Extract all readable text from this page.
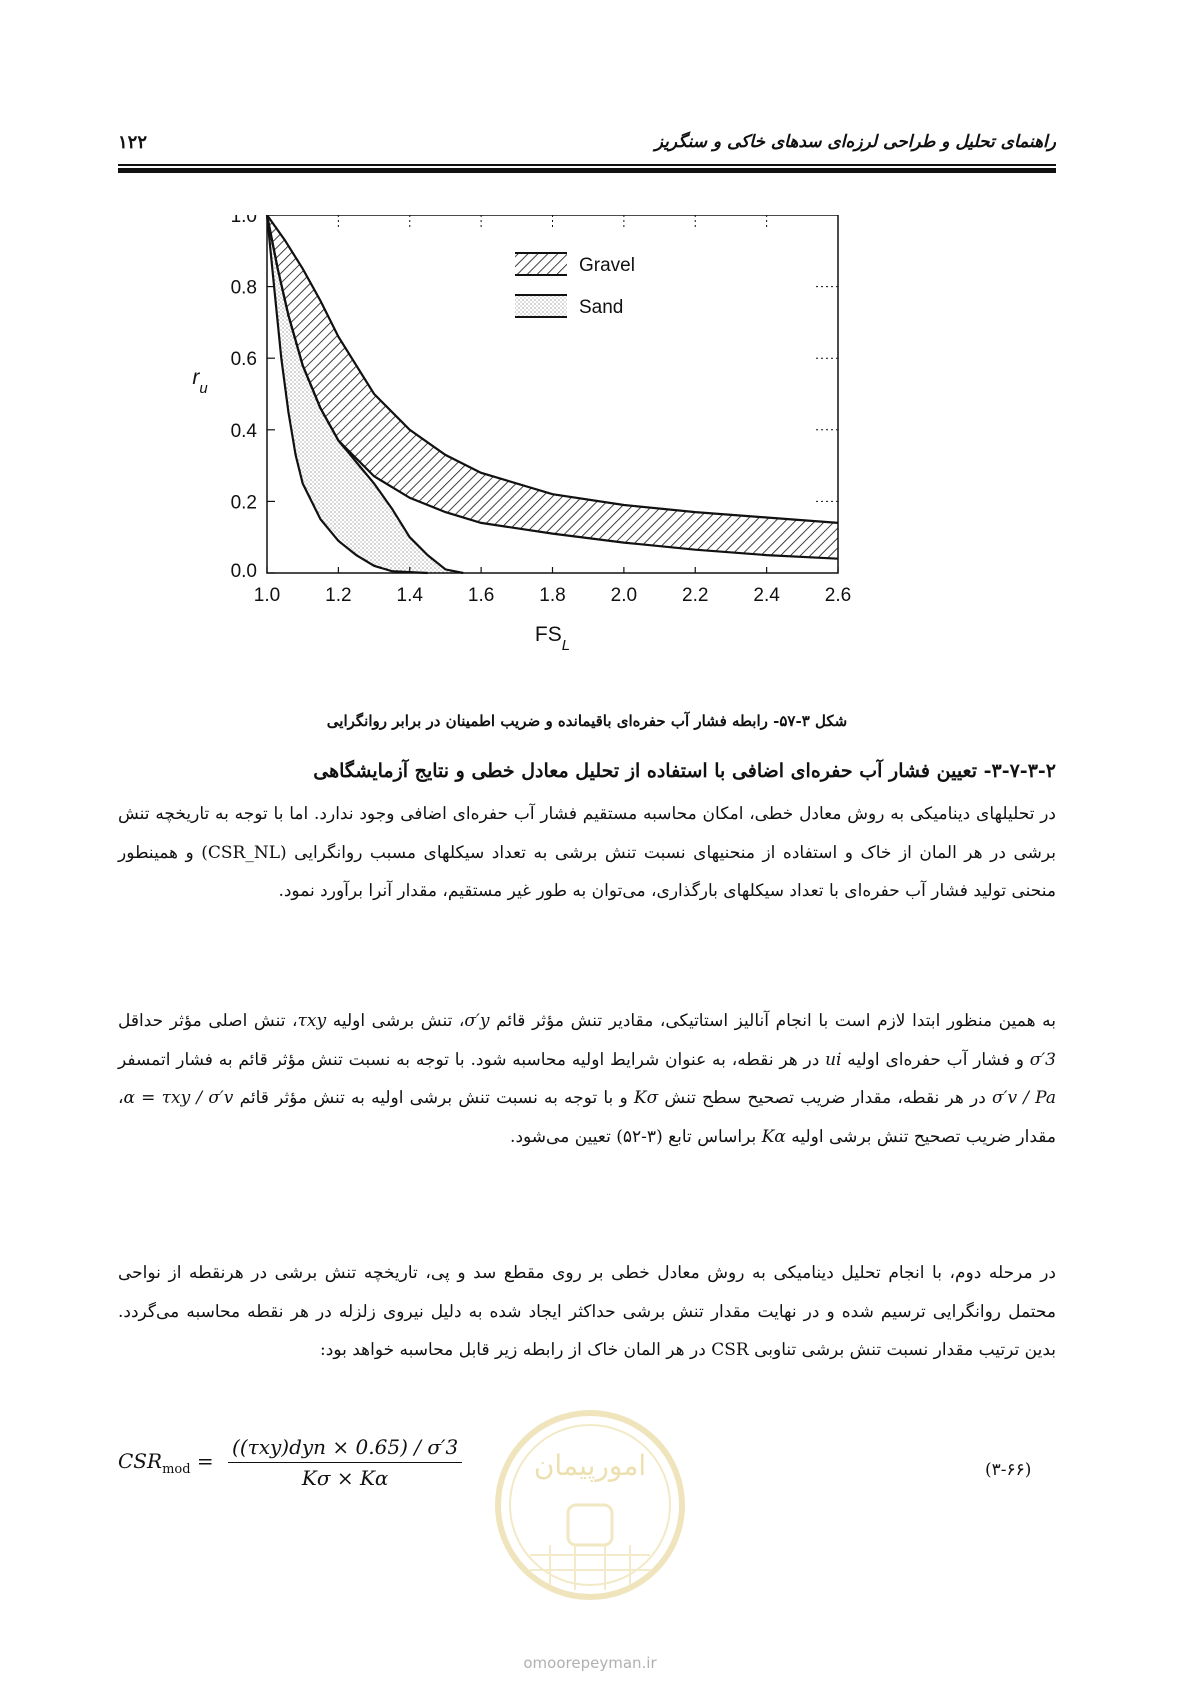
راهنمای تحلیل و طراحی لرزه‌ای سدهای خاکی و سنگریز
۱۲۲
1.0 1.2 1.4 1.6 1.8 2.0 2.2 2.4 2.6
0.0
0.2
0.4
0.6
0.8
1.0
$FS_L$
$r_u$
Gravel
Sand
شکل ۳-۵۷- رابطه فشار آب حفره‌ای باقیمانده و ضریب اطمینان در برابر روانگرایی
۳-۷-۳-۲- تعیین فشار آب حفره‌ای اضافی با استفاده از تحلیل معادل خطی و نتایج آزمایشگاهی
در تحلیلهای دینامیکی به روش معادل خطی، امکان محاسبه مستقیم فشار آب حفره‌ای اضافی وجود ندارد. اما با توجه به تاریخچه تنش برشی در هر المان از خاک و استفاده از منحنیهای نسبت تنش برشی به تعداد سیکلهای مسبب روانگرایی (CSR_NL) و همینطور منحنی تولید فشار آب حفره‌ای با تعداد سیکلهای بارگذاری، می‌توان به طور غیر مستقیم، مقدار آنرا برآورد نمود.
به همین منظور ابتدا لازم است با انجام آنالیز استاتیکی، مقادیر تنش مؤثر قائم σ′y، تنش برشی اولیه τxy، تنش اصلی مؤثر حداقل σ′3 و فشار آب حفره‌ای اولیه ui در هر نقطه، به عنوان شرایط اولیه محاسبه شود. با توجه به نسبت تنش مؤثر قائم به فشار اتمسفر σ′v / Pa در هر نقطه، مقدار ضریب تصحیح سطح تنش Kσ و با توجه به نسبت تنش برشی اولیه به تنش مؤثر قائم α = τxy / σ′v، مقدار ضریب تصحیح تنش برشی اولیه Kα براساس تابع (۳-۵۲) تعیین می‌شود.
در مرحله دوم، با انجام تحلیل دینامیکی به روش معادل خطی بر روی مقطع سد و پی، تاریخچه تنش برشی در هرنقطه از نواحی محتمل روانگرایی ترسیم شده و در نهایت مقدار تنش برشی حداکثر ایجاد شده به دلیل نیروی زلزله در هر نقطه محاسبه می‌گردد. بدین ترتیب مقدار نسبت تنش برشی تناوبی CSR در هر المان خاک از رابطه زیر قابل محاسبه خواهد بود:
$CSR_{mod} = \frac{\text{((τxy)dyn × 0.65) / σ′3}}{K\sigma \times K\alpha}$	(۳-۶۶)
امورپیمان
omoorepeyman.ir
